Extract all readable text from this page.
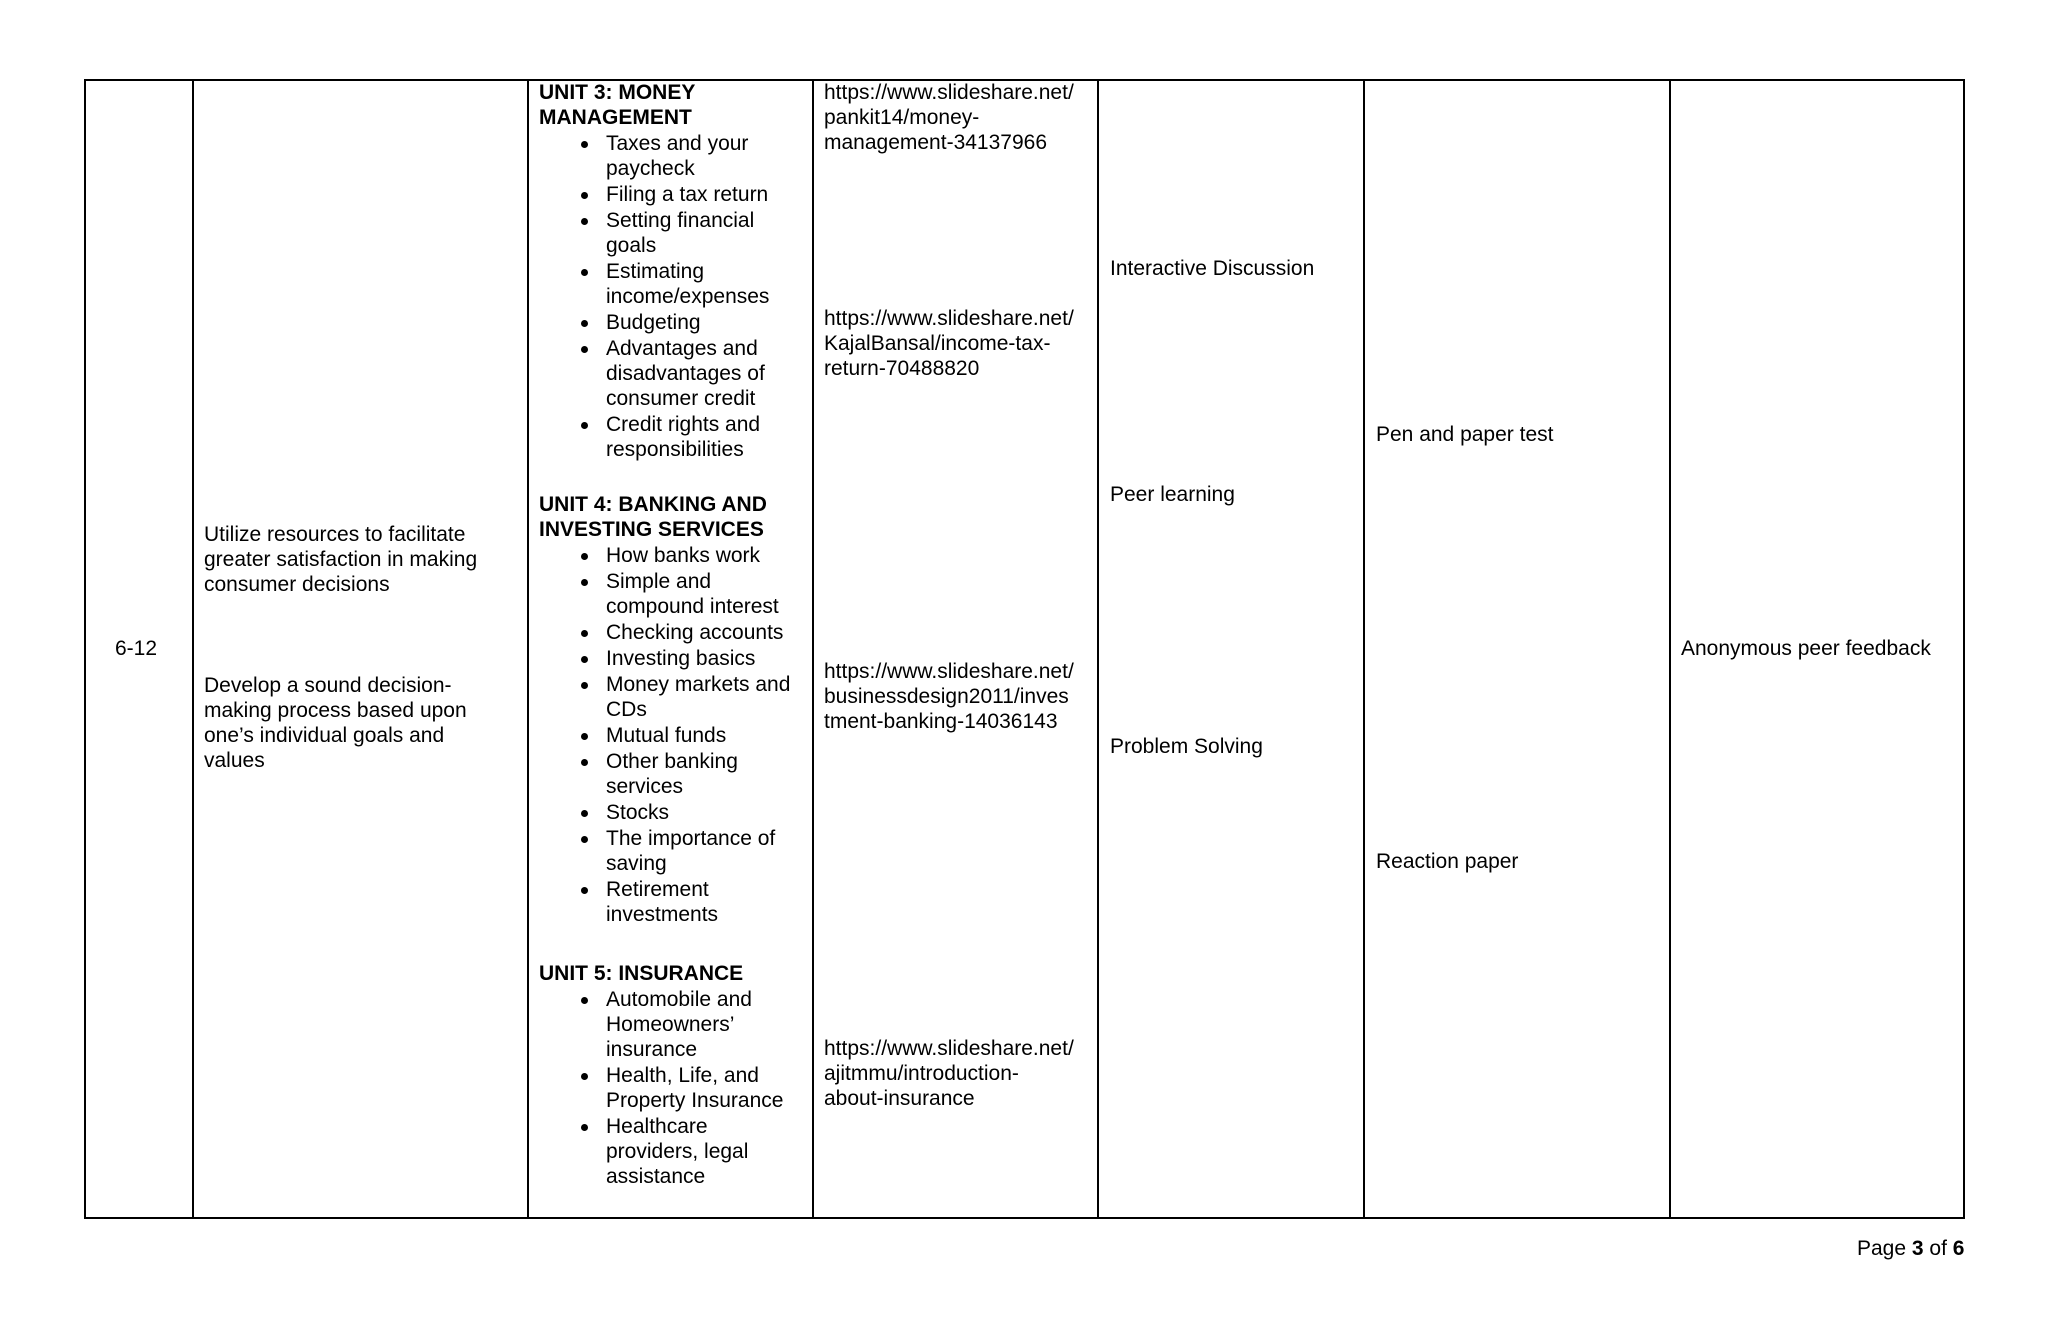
6-12
Utilize resources to facilitate
greater satisfaction in making
consumer decisions
Develop a sound decision-
making process based upon
one’s individual goals and
values
UNIT 3: MONEY
MANAGEMENT
Taxes and your
paycheck
Filing a tax return
Setting financial
goals
Estimating
income/expenses
Budgeting
Advantages and
disadvantages of
consumer credit
Credit rights and
responsibilities
UNIT 4: BANKING AND
INVESTING SERVICES
How banks work
Simple and
compound interest
Checking accounts
Investing basics
Money markets and
CDs
Mutual funds
Other banking
services
Stocks
The importance of
saving
Retirement
investments
UNIT 5: INSURANCE
Automobile and
Homeowners’
insurance
Health, Life, and
Property Insurance
Healthcare
providers, legal
assistance
https://www.slideshare.net/
pankit14/money-
management-34137966
https://www.slideshare.net/
KajalBansal/income-tax-
return-70488820
https://www.slideshare.net/
businessdesign2011/inves
tment-banking-14036143
https://www.slideshare.net/
ajitmmu/introduction-
about-insurance
Interactive Discussion
Peer learning
Problem Solving
Pen and paper test
Reaction paper
Anonymous peer feedback
Page 3 of 6
